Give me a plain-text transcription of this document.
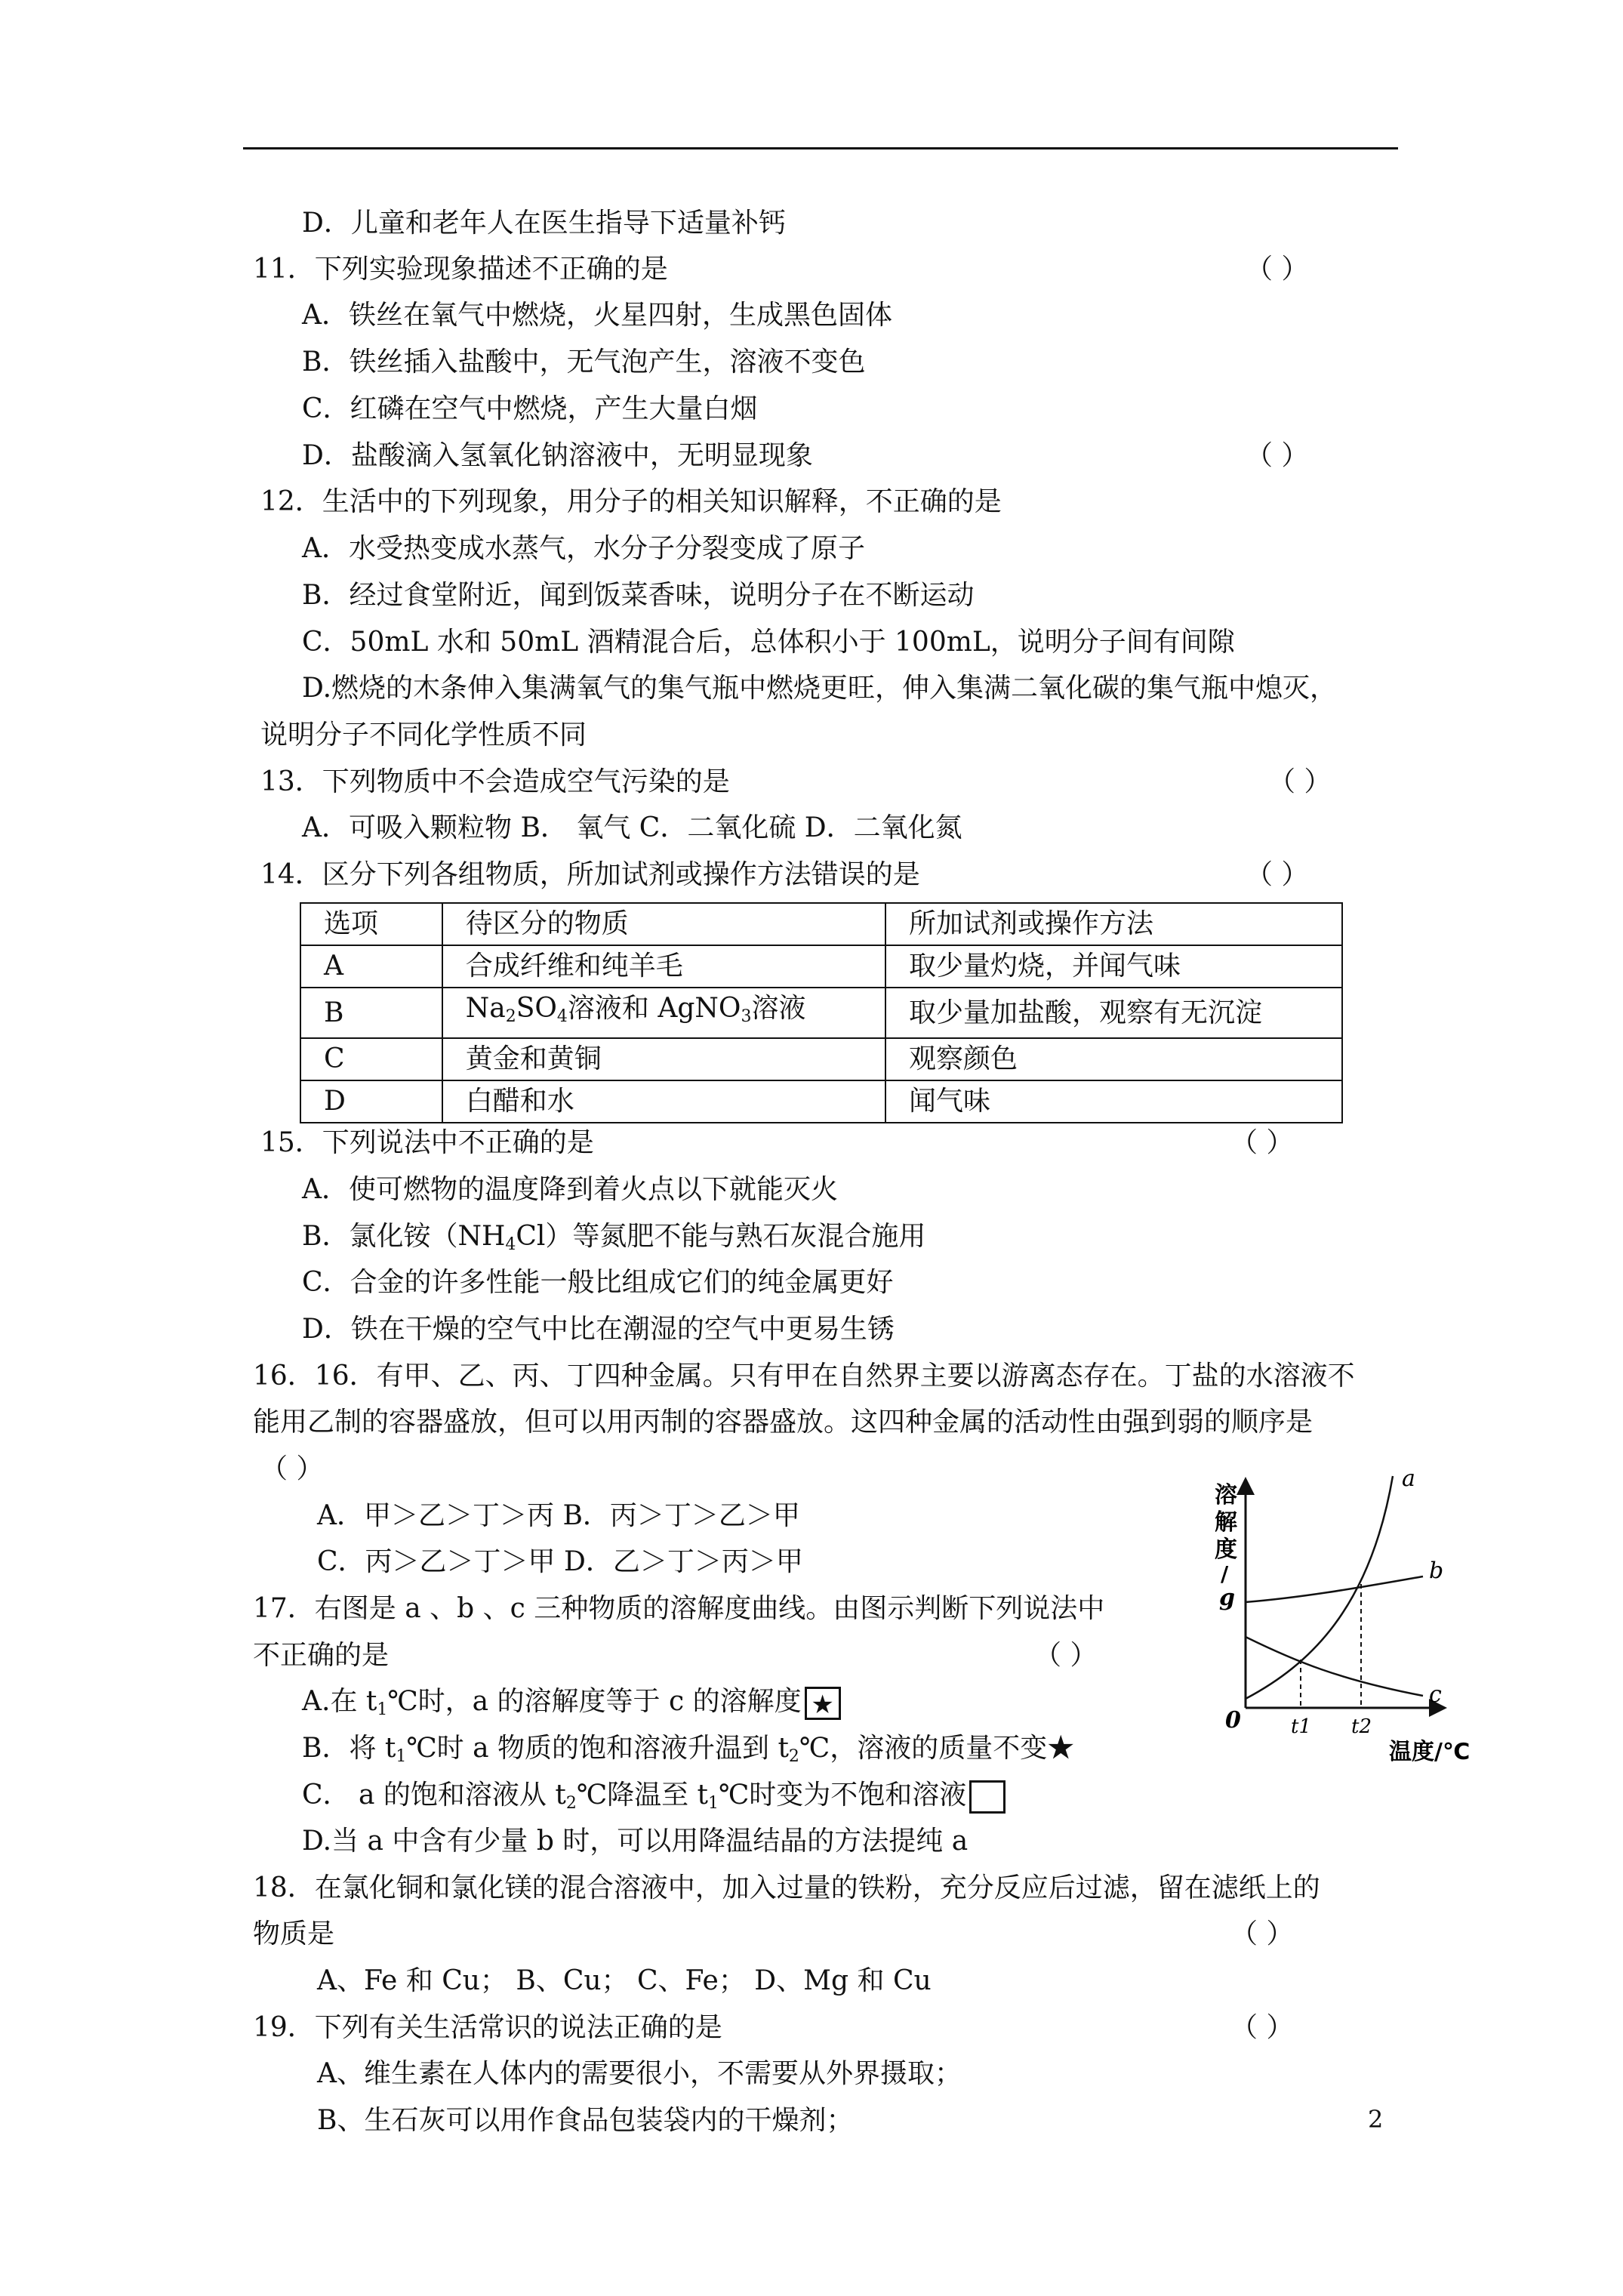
D．儿童和老年人在医生指导下适量补钙
11．下列实验现象描述不正确的是	（ ）
A．铁丝在氧气中燃烧，火星四射，生成黑色固体
B．铁丝插入盐酸中，无气泡产生，溶液不变色
C．红磷在空气中燃烧，产生大量白烟
D．盐酸滴入氢氧化钠溶液中，无明显现象	（ ）
12．生活中的下列现象，用分子的相关知识解释，不正确的是
A．水受热变成水蒸气，水分子分裂变成了原子
B．经过食堂附近，闻到饭菜香味，说明分子在不断运动
C．50mL 水和 50mL 酒精混合后，总体积小于 100mL，说明分子间有间隙
D.燃烧的木条伸入集满氧气的集气瓶中燃烧更旺，伸入集满二氧化碳的集气瓶中熄灭，
说明分子不同化学性质不同
13．下列物质中不会造成空气污染的是	（ ）
A．可吸入颗粒物 B． 氧气 C．二氧化硫 D．二氧化氮
14．区分下列各组物质，所加试剂或操作方法错误的是	（ ）
选项	待区分的物质	所加试剂或操作方法
A	合成纤维和纯羊毛	取少量灼烧，并闻气味
B	$Na_2SO_4$溶液和 AgNO$_3$溶液	取少量加盐酸，观察有无沉淀
C	黄金和黄铜	观察颜色
D	白醋和水	闻气味
15．下列说法中不正确的是	（ ）
A．使可燃物的温度降到着火点以下就能灭火
B．氯化铵$(NH_4Cl)$等氮肥不能与熟石灰混合施用
C．合金的许多性能一般比组成它们的纯金属更好
D．铁在干燥的空气中比在潮湿的空气中更易生锈
16．16．有甲、乙、丙、丁四种金属。只有甲在自然界主要以游离态存在。丁盐的水溶液不
能用乙制的容器盛放，但可以用丙制的容器盛放。这四种金属的活动性由强到弱的顺序是
（ ）
A．甲＞乙＞丁＞丙 B．丙＞丁＞乙＞甲
C．丙＞乙＞丁＞甲 D．乙＞丁＞丙＞甲
17．右图是 a 、b 、c 三种物质的溶解度曲线。由图示判断下列说法中
不正确的是	（ ）
A.在 $t_1℃$时，a 的溶解度等于 c 的溶解度 ★
B．将 $t_1℃$时 a 物质的饱和溶液升温到 $t_2℃$，溶液的质量不变★
C． a 的饱和溶液从 $t_2℃$降温至 $t_1℃$时变为不饱和溶液
D.当 a 中含有少量 b 时，可以用降温结晶的方法提纯 a
18．在氯化铜和氯化镁的混合溶液中，加入过量的铁粉，充分反应后过滤，留在滤纸上的
物质是	（ ）
A、Fe 和 Cu； B、Cu； C、Fe； D、Mg 和 Cu
19．下列有关生活常识的说法正确的是	（ ）
A、维生素在人体内的需要很小，不需要从外界摄取；
B、生石灰可以用作食品包装袋内的干燥剂；	2
溶
解
度
/
g
a
b
c
0	t1 t2
温度/℃
